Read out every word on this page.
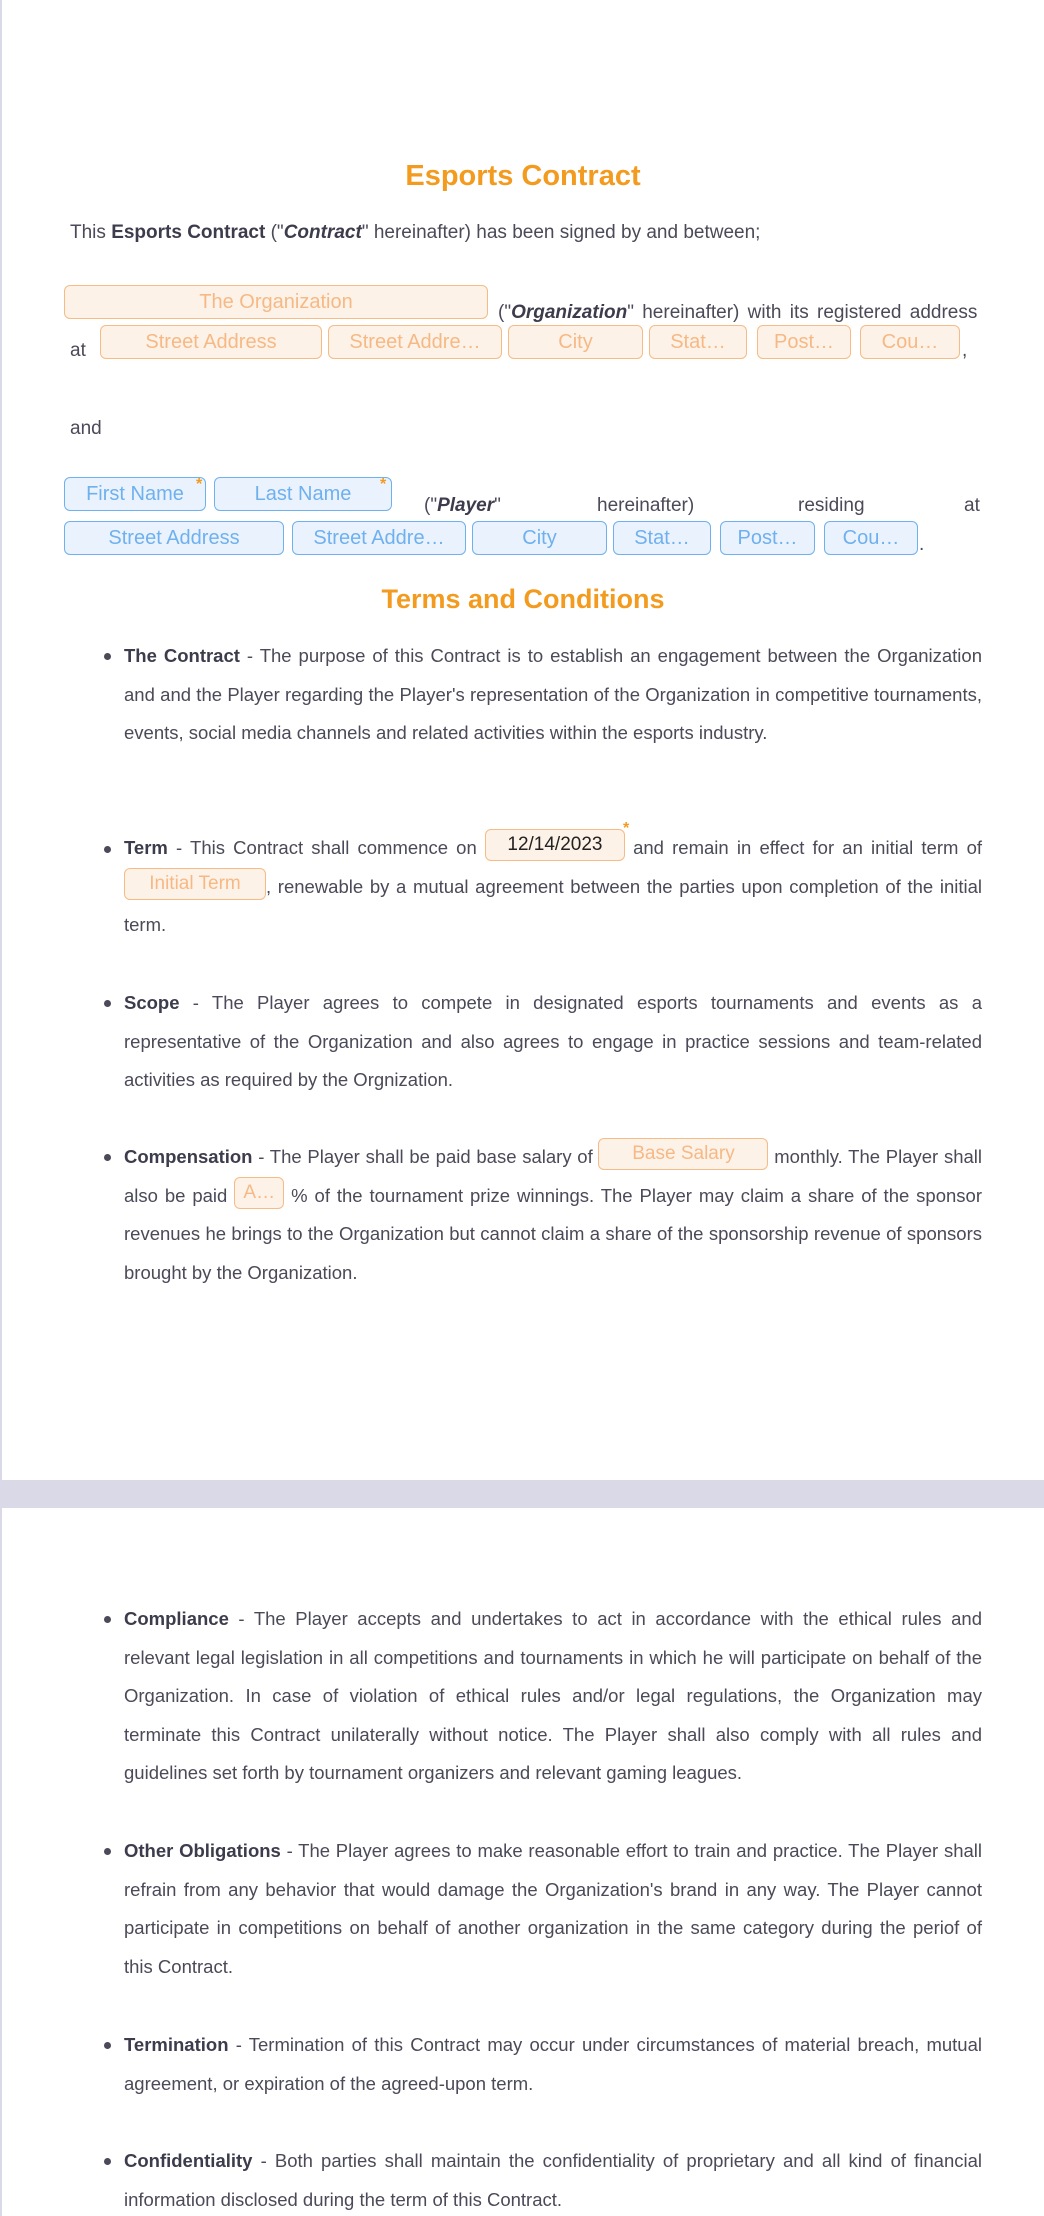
Esports Contract
This Esports Contract ("Contract" hereinafter) has been signed by and between;
The Organization	("Organization" hereinafter) with its registered address
at	Street Address	Street Addre…	City	Stat…	Post…	Cou…	,
and
First Name *	Last Name	*
("Player"	hereinafter)	residing	at
Street Address	Street Addre…	City	Stat…	Post…	Cou…	.
Terms and Conditions
The Contract - The purpose of this Contract is to establish an engagement between the Organization and and the Player regarding the Player's representation of the Organization in competitive tournaments, events, social media channels and related activities within the esports industry.
Term - This Contract shall commence on 12/14/2023 and remain in effect for an initial term of Initial Term , renewable by a mutual agreement between the parties upon completion of the initial term.
*
Scope - The Player agrees to compete in designated esports tournaments and events as a representative of the Organization and also agrees to engage in practice sessions and team-related activities as required by the Orgnization.
Compensation - The Player shall be paid base salary of Base Salary monthly. The Player shall also be paid A… % of the tournament prize winnings. The Player may claim a share of the sponsor revenues he brings to the Organization but cannot claim a share of the sponsorship revenue of sponsors brought by the Organization.
Compliance - The Player accepts and undertakes to act in accordance with the ethical rules and relevant legal legislation in all competitions and tournaments in which he will participate on behalf of the Organization. In case of violation of ethical rules and/or legal regulations, the Organization may terminate this Contract unilaterally without notice. The Player shall also comply with all rules and guidelines set forth by tournament organizers and relevant gaming leagues.
Other Obligations - The Player agrees to make reasonable effort to train and practice. The Player shall refrain from any behavior that would damage the Organization's brand in any way. The Player cannot participate in competitions on behalf of another organization in the same category during the periof of this Contract.
Termination - Termination of this Contract may occur under circumstances of material breach, mutual agreement, or expiration of the agreed-upon term.
Confidentiality - Both parties shall maintain the confidentiality of proprietary and all kind of financial information disclosed during the term of this Contract.
